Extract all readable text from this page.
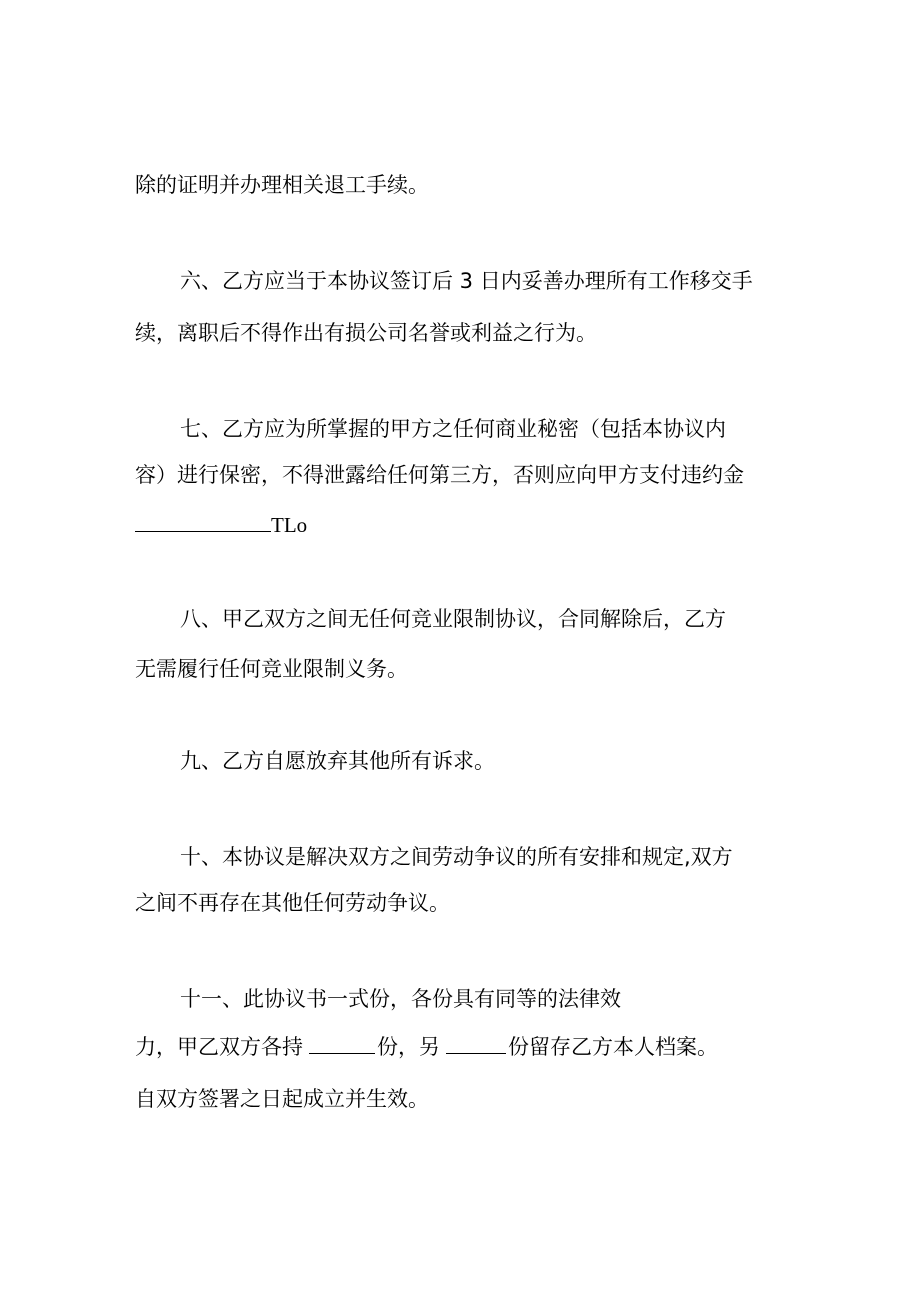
除的证明并办理相关退工手续。
六、乙方应当于本协议签订后 3 日内妥善办理所有工作移交手
续，离职后不得作出有损公司名誉或利益之行为。
七、乙方应为所掌握的甲方之任何商业秘密（包括本协议内
容）进行保密，不得泄露给任何第三方，否则应向甲方支付违约金
TLo
八、甲乙双方之间无任何竞业限制协议，合同解除后，乙方
无需履行任何竞业限制义务。
九、乙方自愿放弃其他所有诉求。
十、本协议是解决双方之间劳动争议的所有安排和规定,双方
之间不再存在其他任何劳动争议。
十一、此协议书一式份，各份具有同等的法律效
力，甲乙双方各持	份，另	份留存乙方本人档案。
自双方签署之日起成立并生效。
